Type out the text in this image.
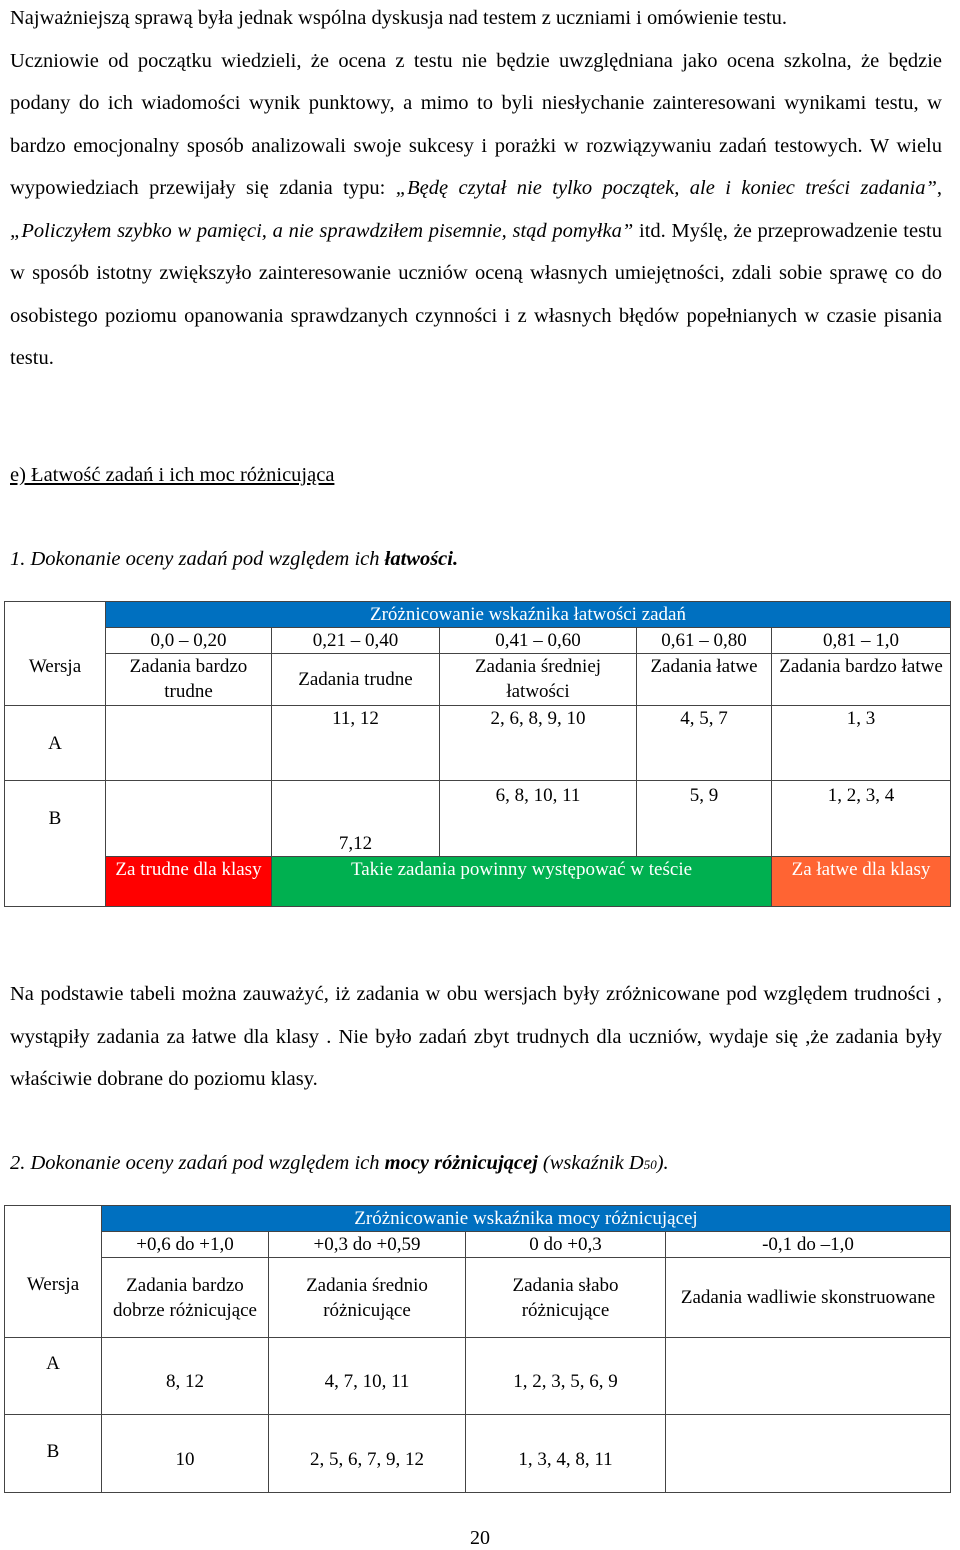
Najważniejszą sprawą była jednak wspólna dyskusja nad testem z uczniami i omówienie testu.

Uczniowie od początku wiedzieli, że ocena z testu nie będzie uwzględniana jako ocena szkolna, że będzie podany do ich wiadomości wynik punktowy, a mimo to byli niesłychanie zainteresowani wynikami testu, w bardzo emocjonalny sposób analizowali swoje sukcesy i porażki w rozwiązywaniu zadań testowych. W wielu wypowiedziach przewijały się zdania typu: „Będę czytał nie tylko początek, ale i koniec treści zadania”, „Policzyłem szybko w pamięci, a nie sprawdziłem pisemnie, stąd pomyłka” itd. Myślę, że przeprowadzenie testu w sposób istotny zwiększyło zainteresowanie uczniów oceną własnych umiejętności, zdali sobie sprawę co do osobistego poziomu opanowania sprawdzanych czynności i z własnych błędów popełnianych w czasie pisania testu.

e) Łatwość zadań i ich moc różnicująca
1. Dokonanie oceny zadań pod względem ich łatwości.
	Zróżnicowanie wskaźnika łatwości zadań				
Wersja	0,0 – 0,20	0,21 – 0,40	0,41 – 0,60	0,61 – 0,80	0,81 – 1,0
	Zadania bardzo trudne	Zadania trudne	Zadania średniej łatwości	Zadania łatwe	Zadania bardzo łatwe
A		11, 12	2, 6, 8, 9, 10	4, 5, 7	1, 3
B		7,12	6, 8, 10, 11	5, 9	1, 2, 3, 4
	Za trudne dla klasy	Takie zadania powinny występować w teście			Za łatwe dla klasy

Na podstawie tabeli można zauważyć, iż zadania w obu wersjach były zróżnicowane pod względem trudności , wystąpiły zadania za łatwe dla klasy . Nie było zadań zbyt trudnych dla uczniów, wydaje się ,że zadania były właściwie dobrane do poziomu klasy.

2. Dokonanie oceny zadań pod względem ich mocy różnicującej (wskaźnik D50).
	Zróżnicowanie wskaźnika mocy różnicującej			
Wersja	+0,6 do +1,0	+0,3 do +0,59	0 do +0,3	-0,1 do –1,0
	Zadania bardzo dobrze różnicujące	Zadania średnio różnicujące	Zadania słabo różnicujące	Zadania wadliwie skonstruowane
A	8, 12	4, 7, 10, 11	1, 2, 3, 5, 6, 9	
B	10	2, 5, 6, 7, 9, 12	1, 3, 4, 8, 11	
20
